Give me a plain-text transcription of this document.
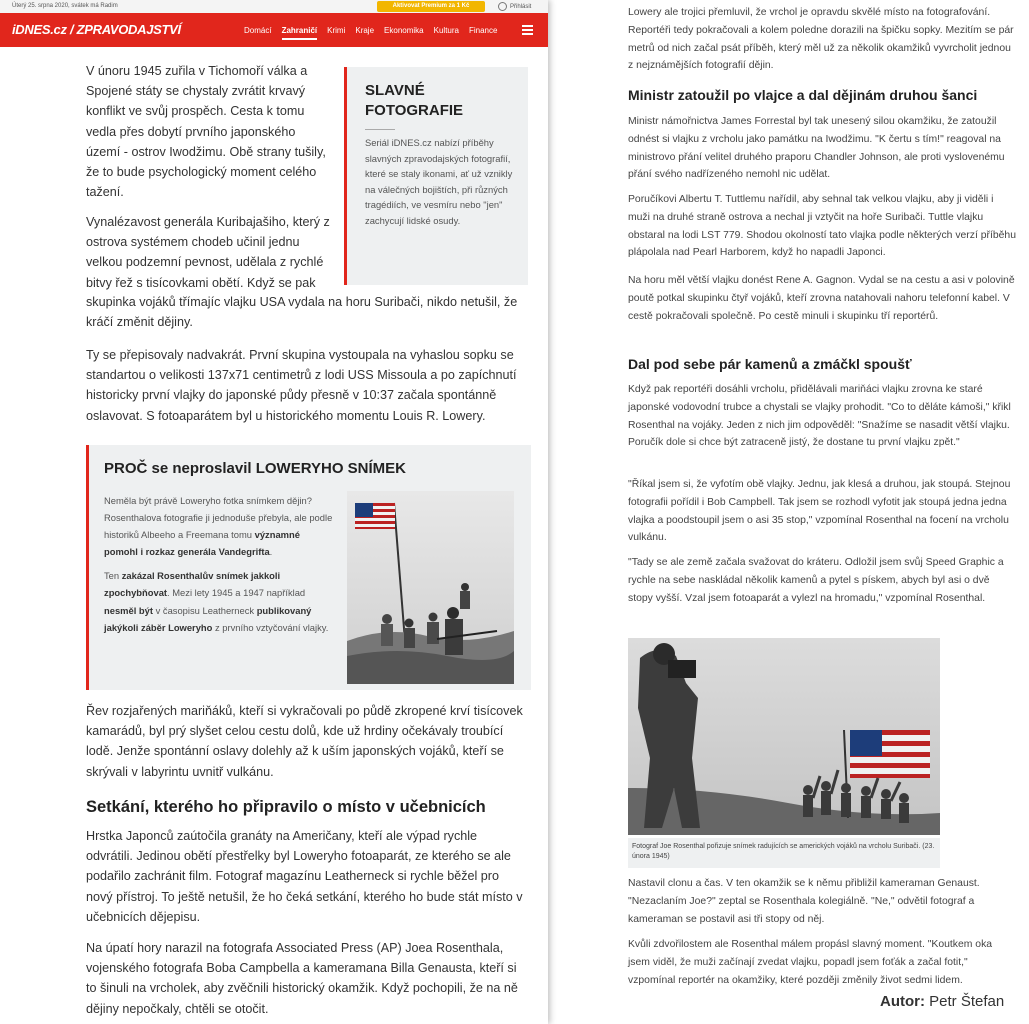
Úterý 25. srpna 2020, svátek má Radim	Aktivovat Premium za 1 Kč	Přihlásit
iDNES.cz / ZPRAVODAJSTVÍ	Domácí Zahraničí Krimi Kraje Ekonomika Kultura Finance

V únoru 1945 zuřila v Tichomoří válka a Spojené státy se chystaly zvrátit krvavý konflikt ve svůj prospěch. Cesta k tomu vedla přes dobytí prvního japonského území - ostrov Iwodžimu. Obě strany tušily, že to bude psychologický moment celého tažení.

SLAVNÉ FOTOGRAFIE

Seriál iDNES.cz nabízí příběhy slavných zpravodajských fotografií, které se staly ikonami, ať už vznikly na válečných bojištích, při různých tragédiích, ve vesmíru nebo "jen" zachycují lidské osudy.

Vynalézavost generála Kuribajašiho, který z ostrova systémem chodeb učinil jednu velkou podzemní pevnost, udělala z rychlé bitvy řež s tisícovkami obětí. Když se pak

skupinka vojáků třímajíc vlajku USA vydala na horu Suribači, nikdo netušil, že kráčí změnit dějiny.

Ty se přepisovaly nadvakrát. První skupina vystoupala na vyhaslou sopku se standartou o velikosti 137x71 centimetrů z lodi USS Missoula a po zapíchnutí historicky první vlajky do japonské půdy přesně v 10:37 začala spontánně oslavovat. S fotoaparátem byl u historického momentu Louis R. Lowery.

PROČ se neproslavil LOWERYHO SNÍMEK

Neměla být právě Loweryho fotka snímkem dějin? Rosenthalova fotografie ji jednoduše přebyla, ale podle historiků Albeeho a Freemana tomu významné pomohl i rozkaz generála Vandegrifta.

Ten zakázal Rosenthalův snímek jakkoli zpochybňovat. Mezi lety 1945 a 1947 například nesměl být v časopisu Leatherneck publikovaný jakýkoli záběr Loweryho z prvního vztyčování vlajky.

Řev rozjařených mariňáků, kteří si vykračovali po půdě zkropené krví tisícovek kamarádů, byl prý slyšet celou cestu dolů, kde už hrdiny očekávaly troubící lodě. Jenže spontánní oslavy dolehly až k uším japonských vojáků, kteří se skrývali v labyrintu uvnitř vulkánu.

Setkání, kterého ho připravilo o místo v učebnicích

Hrstka Japonců zaútočila granáty na Američany, kteří ale výpad rychle odvrátili. Jedinou obětí přestřelky byl Loweryho fotoaparát, ze kterého se ale podařilo zachránit film. Fotograf magazínu Leatherneck si rychle běžel pro nový přístroj. To ještě netušil, že ho čeká setkání, kterého ho bude stát místo v učebnicích dějepisu.

Na úpatí hory narazil na fotografa Associated Press (AP) Joea Rosenthala, vojenského fotografa Boba Campbella a kameramana Billa Genausta, kteří si to šinuli na vrcholek, aby zvěčnili historický okamžik. Když pochopili, že na ně dějiny nepočkaly, chtěli se otočit.

Lowery ale trojici přemluvil, že vrchol je opravdu skvělé místo na fotografování. Reportéři tedy pokračovali a kolem poledne dorazili na špičku sopky. Mezitím se pár metrů od nich začal psát příběh, který měl už za několik okamžiků vyvrcholit jednou z nejznámějších fotografií dějin.

Ministr zatoužil po vlajce a dal dějinám druhou šanci

Ministr námořnictva James Forrestal byl tak unesený silou okamžiku, že zatoužil odnést si vlajku z vrcholu jako památku na Iwodžimu. "K čertu s tím!" reagoval na ministrovo přání velitel druhého praporu Chandler Johnson, ale proti vyslovenému přání svého nadřízeného nemohl nic udělat.

Poručíkovi Albertu T. Tuttlemu nařídil, aby sehnal tak velkou vlajku, aby ji viděli i muži na druhé straně ostrova a nechal ji vztyčit na hoře Suribači. Tuttle vlajku obstaral na lodi LST 779. Shodou okolností tato vlajka podle některých verzí příběhu plápolala nad Pearl Harborem, když ho napadli Japonci.

Na horu měl větší vlajku donést Rene A. Gagnon. Vydal se na cestu a asi v polovině poutě potkal skupinku čtyř vojáků, kteří zrovna natahovali nahoru telefonní kabel. V cestě pokračovali společně. Po cestě minuli i skupinku tří reportérů.

Dal pod sebe pár kamenů a zmáčkl spoušť

Když pak reportéři dosáhli vrcholu, přidělávali mariňáci vlajku zrovna ke staré japonské vodovodní trubce a chystali se vlajky prohodit. "Co to děláte kámoši," křikl Rosenthal na vojáky. Jeden z nich jim odpověděl: "Snažíme se nasadit větší vlajku. Poručík dole si chce být zatraceně jistý, že dostane tu první vlajku zpět."

"Říkal jsem si, že vyfotím obě vlajky. Jednu, jak klesá a druhou, jak stoupá. Stejnou fotografii pořídil i Bob Campbell. Tak jsem se rozhodl vyfotit jak stoupá jedna jedna vlajka a poodstoupil jsem o asi 35 stop," vzpomínal Rosenthal na focení na vrcholu vulkánu.

"Tady se ale země začala svažovat do kráteru. Odložil jsem svůj Speed Graphic a rychle na sebe naskládal několik kamenů a pytel s pískem, abych byl asi o dvě stopy vyšší. Vzal jsem fotoaparát a vylezl na hromadu," vzpomínal Rosenthal.

Fotograf Joe Rosenthal pořizuje snímek radujících se amerických vojáků na vrcholu Suribači. (23. února 1945)

Nastavil clonu a čas. V ten okamžik se k němu přibližil kameraman Genaust. "Nezaclaním Joe?" zeptal se Rosenthala kolegiálně. "Ne," odvětil fotograf a kameraman se postavil asi tři stopy od něj.

Kvůli zdvořilostem ale Rosenthal málem propásl slavný moment. "Koutkem oka jsem viděl, že muži začínají zvedat vlajku, popadl jsem foťák a začal fotit," vzpomínal reportér na okamžiky, které později změnily život sedmi lidem.

Autor: Petr Štefan
